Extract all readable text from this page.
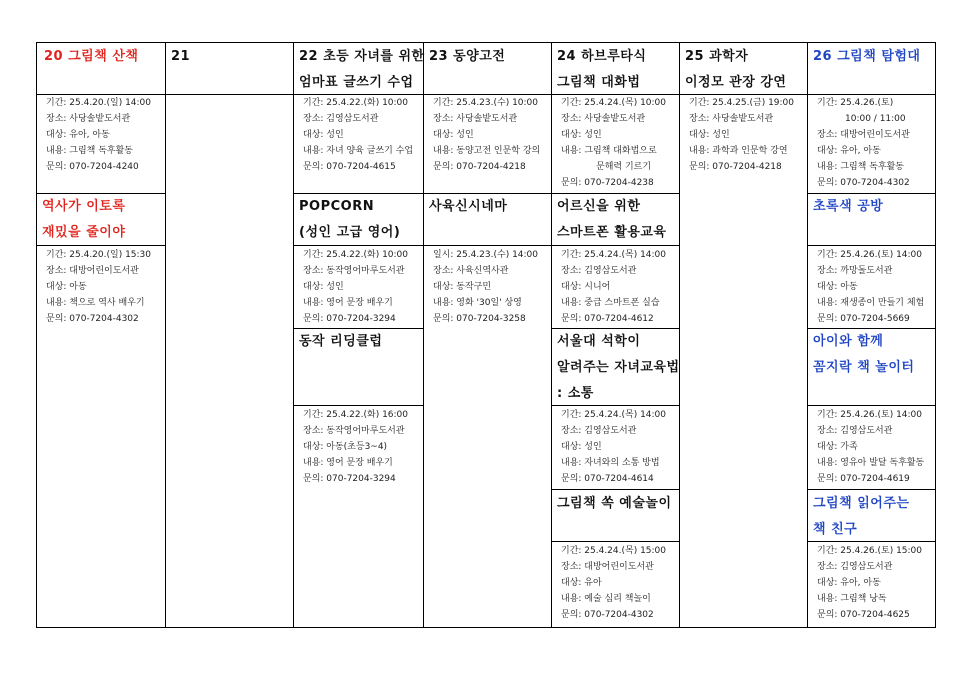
20 그림책 산책
기간: 25.4.20.(일) 14:00
장소: 사당솔밭도서관
대상: 유아, 아동
내용: 그림책 독후활동
문의: 070-7204-4240
역사가 이토록
재밌을 줄이야
기간: 25.4.20.(일) 15:30
장소: 대방어린이도서관
대상: 아동
내용: 책으로 역사 배우기
문의: 070-7204-4302
21	22 초등 자녀를 위한
엄마표 글쓰기 수업
기간: 25.4.22.(화) 10:00
장소: 김영삼도서관
대상: 성인
내용: 자녀 양육 글쓰기 수업
문의: 070-7204-4615
POPCORN
(성인 고급 영어)
기간: 25.4.22.(화) 10:00
장소: 동작영어마루도서관
대상: 성인
내용: 영어 문장 배우기
문의: 070-7204-3294
동작 리딩클럽
기간: 25.4.22.(화) 16:00
장소: 동작영어마루도서관
대상: 아동(초등3~4)
내용: 영어 문장 배우기
문의: 070-7204-3294
23 동양고전
기간: 25.4.23.(수) 10:00
장소: 사당솔밭도서관
대상: 성인
내용: 동양고전 인문학 강의
문의: 070-7204-4218
사육신시네마
일시: 25.4.23.(수) 14:00
장소: 사육신역사관
대상: 동작구민
내용: 영화 '30일' 상영
문의: 070-7204-3258
24 하브루타식
그림책 대화법
기간: 25.4.24.(목) 10:00
장소: 사당솔밭도서관
대상: 성인
내용: 그림책 대화법으로
문해력 기르기
문의: 070-7204-4238
어르신을 위한
스마트폰 활용교육
기간: 25.4.24.(목) 14:00
장소: 김영삼도서관
대상: 시니어
내용: 중급 스마트폰 실습
문의: 070-7204-4612
서울대 석학이
알려주는 자녀교육법
: 소통
기간: 25.4.24.(목) 14:00
장소: 김영삼도서관
대상: 성인
내용: 자녀와의 소통 방법
문의: 070-7204-4614
그림책 쏙 예술놀이
기간: 25.4.24.(목) 15:00
장소: 대방어린이도서관
대상: 유아
내용: 예술 심리 책놀이
문의: 070-7204-4302
25 과학자
이정모 관장 강연
기간: 25.4.25.(금) 19:00
장소: 사당솔밭도서관
대상: 성인
내용: 과학과 인문학 강연
문의: 070-7204-4218
26 그림책 탐험대
기간: 25.4.26.(토)
10:00 / 11:00
장소: 대방어린이도서관
대상: 유아, 아동
내용: 그림책 독후활동
문의: 070-7204-4302
초록색 공방
기간: 25.4.26.(토) 14:00
장소: 까망돌도서관
대상: 아동
내용: 재생종이 만들기 체험
문의: 070-7204-5669
아이와 함께
꼼지락 책 놀이터
기간: 25.4.26.(토) 14:00
장소: 김영삼도서관
대상: 가족
내용: 영유아 발달 독후활동
문의: 070-7204-4619
그림책 읽어주는
책 친구
기간: 25.4.26.(토) 15:00
장소: 김영삼도서관
대상: 유아, 아동
내용: 그림책 낭독
문의: 070-7204-4625
